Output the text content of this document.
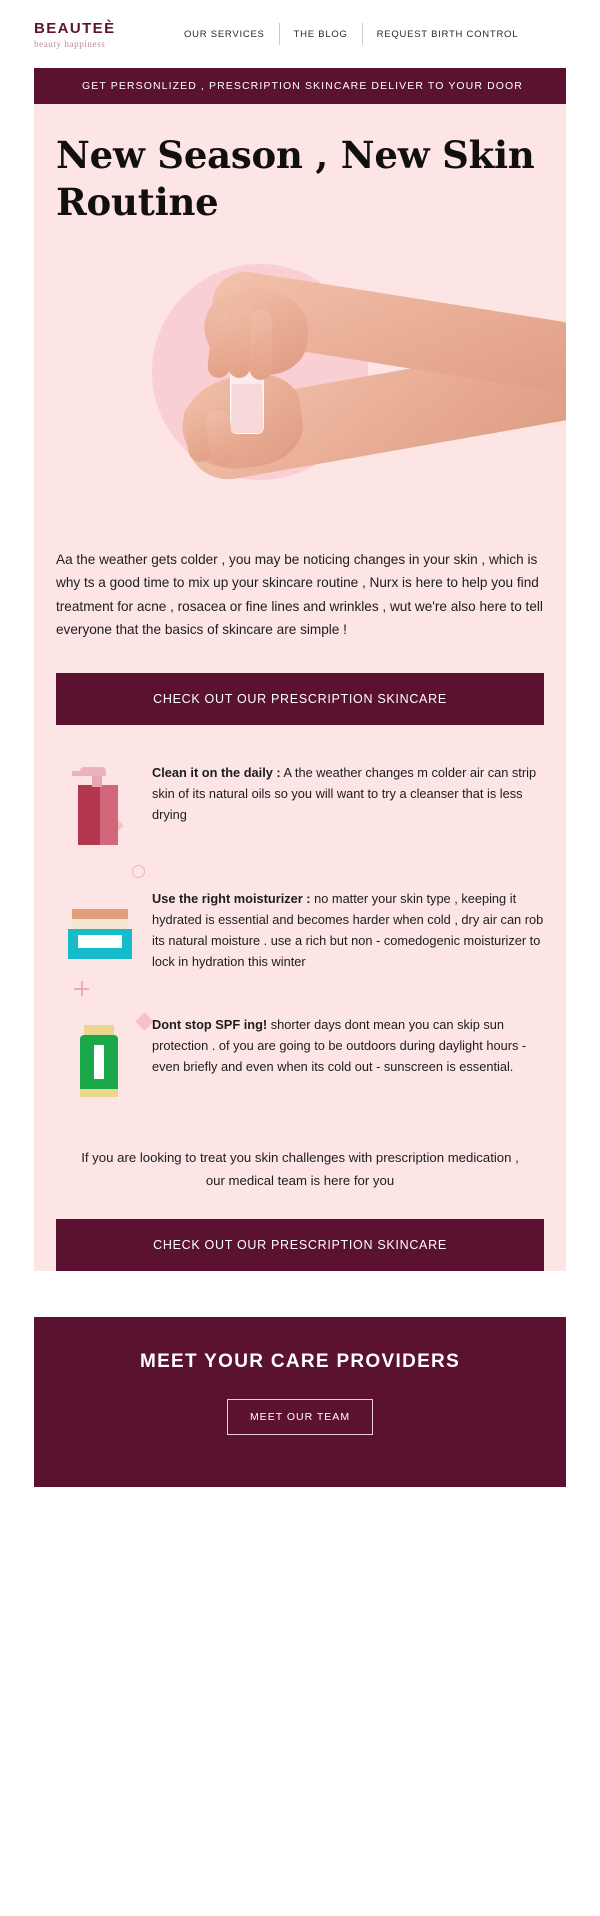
BEAUTEÈ
beauty happiness
OUR SERVICES	THE BLOG	REQUEST BIRTH CONTROL
GET PERSONLIZED , PRESCRIPTION SKINCARE DELIVER TO YOUR DOOR
New Season , New Skin Routine
Aa the weather gets colder , you may be noticing changes in your skin , which is why ts a good time to mix up your skincare routine , Nurx is here to help you find treatment for acne , rosacea or fine lines and wrinkles , wut we're also here to tell everyone that the basics of skincare are simple !
CHECK OUT OUR PRESCRIPTION SKINCARE
Clean it on the daily : A the weather changes m colder air can strip skin of its natural oils so you will want to try a cleanser that is less drying
Use the right moisturizer : no matter your skin type , keeping it hydrated is essential and becomes harder when cold , dry air can rob its natural moisture . use a rich but non - comedogenic moisturizer to lock in hydration this winter
Dont stop SPF ing! shorter days dont mean you can skip sun protection . of you are going to be outdoors during daylight hours - even briefly and even when its cold out - sunscreen is essential.
If you are looking to treat you skin challenges with prescription medication , our medical team is here for you
CHECK OUT OUR PRESCRIPTION SKINCARE
MEET YOUR CARE PROVIDERS
MEET OUR TEAM
